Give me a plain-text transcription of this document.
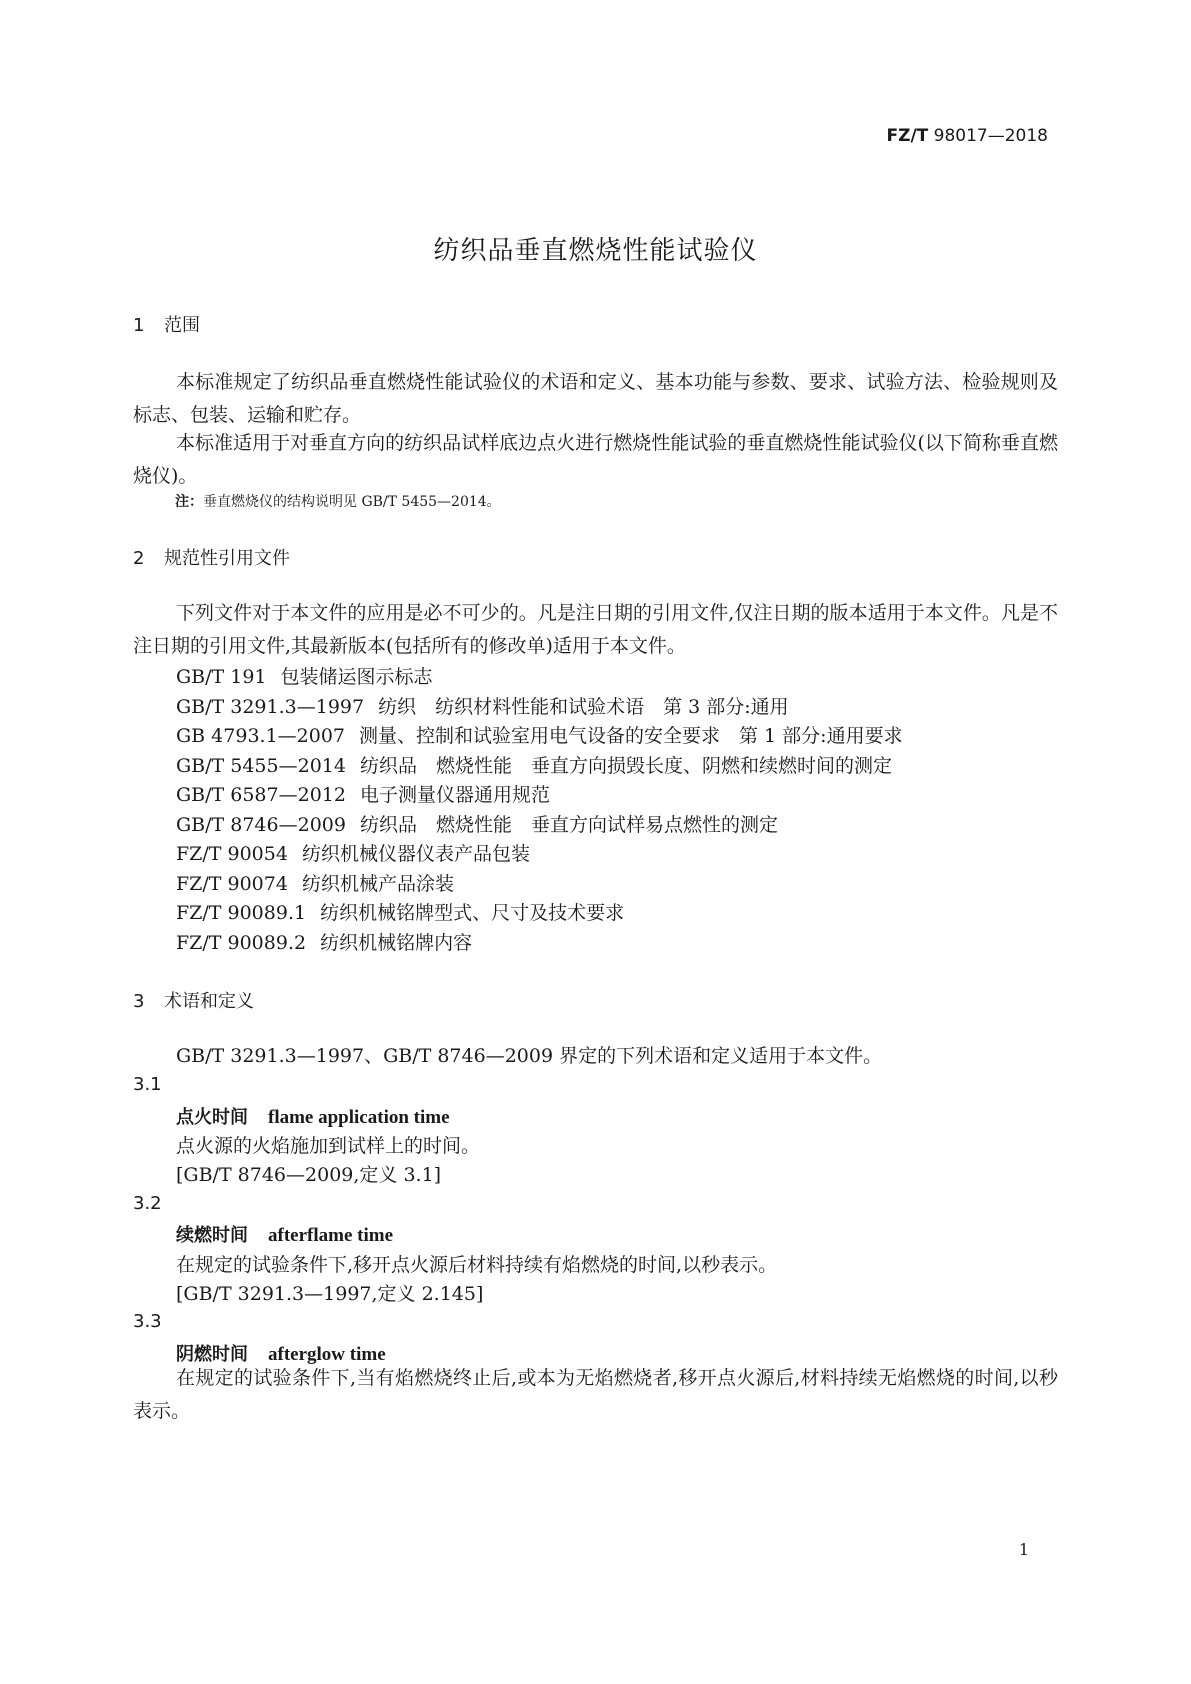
FZ/T 98017—2018
纺织品垂直燃烧性能试验仪
1 范围
本标准规定了纺织品垂直燃烧性能试验仪的术语和定义、基本功能与参数、要求、试验方法、检验规则及标志、包装、运输和贮存。
本标准适用于对垂直方向的纺织品试样底边点火进行燃烧性能试验的垂直燃烧性能试验仪(以下简称垂直燃烧仪)。
注：垂直燃烧仪的结构说明见 GB/T 5455—2014。
2 规范性引用文件
下列文件对于本文件的应用是必不可少的。凡是注日期的引用文件,仅注日期的版本适用于本文件。凡是不注日期的引用文件,其最新版本(包括所有的修改单)适用于本文件。
GB/T 191 包装储运图示标志
GB/T 3291.3—1997 纺织　纺织材料性能和试验术语　第 3 部分:通用
GB 4793.1—2007 测量、控制和试验室用电气设备的安全要求　第 1 部分:通用要求
GB/T 5455—2014 纺织品　燃烧性能　垂直方向损毁长度、阴燃和续燃时间的测定
GB/T 6587—2012 电子测量仪器通用规范
GB/T 8746—2009 纺织品　燃烧性能　垂直方向试样易点燃性的测定
FZ/T 90054 纺织机械仪器仪表产品包装
FZ/T 90074 纺织机械产品涂装
FZ/T 90089.1 纺织机械铭牌型式、尺寸及技术要求
FZ/T 90089.2 纺织机械铭牌内容
3 术语和定义
GB/T 3291.3—1997、GB/T 8746—2009 界定的下列术语和定义适用于本文件。
3.1
点火时间 flame application time
点火源的火焰施加到试样上的时间。
[GB/T 8746—2009,定义 3.1]
3.2
续燃时间 afterflame time
在规定的试验条件下,移开点火源后材料持续有焰燃烧的时间,以秒表示。
[GB/T 3291.3—1997,定义 2.145]
3.3
阴燃时间 afterglow time
在规定的试验条件下,当有焰燃烧终止后,或本为无焰燃烧者,移开点火源后,材料持续无焰燃烧的时间,以秒表示。
1
